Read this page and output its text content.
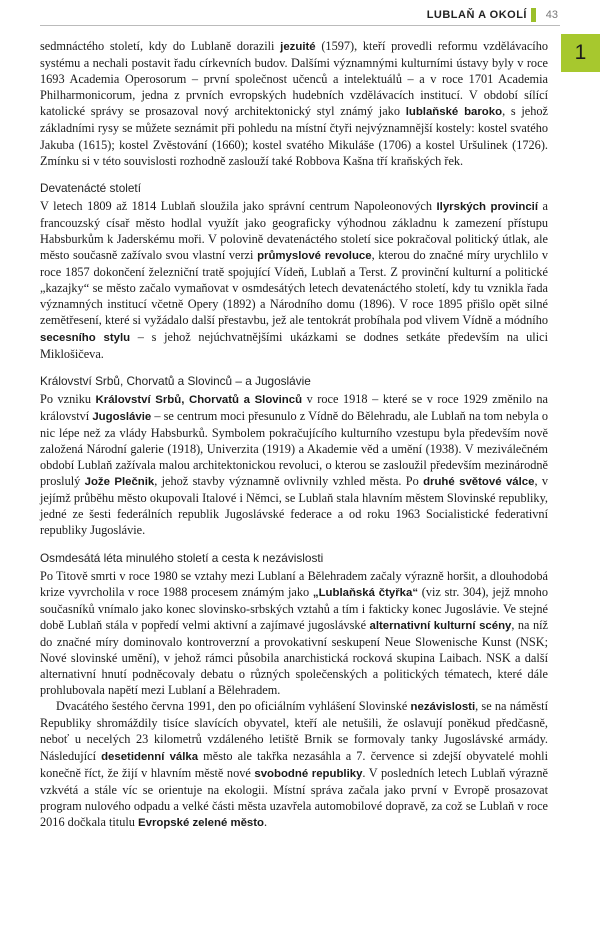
LUBLAŇ A OKOLÍ 43
1

sedmnáctého století, kdy do Lublaně dorazili jezuité (1597), kteří provedli reformu vzdělávacího systému a nechali postavit řadu církevních budov. Dalšími významnými kulturními ústavy byly v roce 1693 Academia Operosorum – první společnost učenců a intelektuálů – a v roce 1701 Academia Philharmonicorum, jedna z prvních evropských hudebních vzdělávacích institucí. V období sílící katolické správy se prosazoval nový architektonický styl známý jako lublaňské baroko, s jehož základními rysy se můžete seznámit při pohledu na místní čtyři nejvýznamnější kostely: kostel svatého Jakuba (1615); kostel Zvěstování (1660); kostel svatého Mikuláše (1706) a kostel Uršulinek (1726). Zmínku si v této souvislosti rozhodně zaslouží také Robbova Kašna tří kraňských řek.

Devatenácté století

V letech 1809 až 1814 Lublaň sloužila jako správní centrum Napoleonových Ilyrských provincií a francouzský císař město hodlal využít jako geograficky výhodnou základnu k zamezení přístupu Habsburkům k Jaderskému moři. V polovině devatenáctého století sice pokračoval politický útlak, ale město současně zažívalo svou vlastní verzi průmyslové revoluce, kterou do značné míry urychlilo v roce 1857 dokončení železniční tratě spojující Vídeň, Lublaň a Terst. Z provinční kulturní a politické „kazajky“ se město začalo vymaňovat v osmdesátých letech devatenáctého století, kdy tu vznikla řada významných institucí včetně Opery (1892) a Národního domu (1896). V roce 1895 přišlo opět silné zemětřesení, které si vyžádalo další přestavbu, jež ale tentokrát probíhala pod vlivem Vídně a módního secesního stylu – s jehož nejúchvatnějšími ukázkami se dodnes setkáte především na ulici Miklošičeva.

Království Srbů, Chorvatů a Slovinců – a Jugoslávie

Po vzniku Království Srbů, Chorvatů a Slovinců v roce 1918 – které se v roce 1929 změnilo na království Jugoslávie – se centrum moci přesunulo z Vídně do Bělehradu, ale Lublaň na tom nebyla o nic lépe než za vlády Habsburků. Symbolem pokračujícího kulturního vzestupu byla především nově založená Národní galerie (1918), Univerzita (1919) a Akademie věd a umění (1938). V meziválečném období Lublaň zažívala malou architektonickou revoluci, o kterou se zasloužil především mezinárodně proslulý Jože Plečnik, jehož stavby významně ovlivnily vzhled města. Po druhé světové válce, v jejímž průběhu město okupovali Italové i Němci, se Lublaň stala hlavním městem Slovinské republiky, jedné ze šesti federálních republik Jugoslávské federace a od roku 1963 Socialistické federativní republiky Jugoslávie.

Osmdesátá léta minulého století a cesta k nezávislosti

Po Titově smrti v roce 1980 se vztahy mezi Lublaní a Bělehradem začaly výrazně horšit, a dlouhodobá krize vyvrcholila v roce 1988 procesem známým jako „Lublaňská čtyřka“ (viz str. 304), jejž mnoho současníků vnímalo jako konec slovinsko-srbských vztahů a tím i fakticky konec Jugoslávie. Ve stejné době Lublaň stála v popředí velmi aktivní a zajímavé jugoslávské alternativní kulturní scény, na níž do značné míry dominovalo kontroverzní a provokativní seskupení Neue Slowenische Kunst (NSK; Nové slovinské umění), v jehož rámci působila anarchistická rocková skupina Laibach. NSK a další alternativní hnutí podněcovaly debatu o různých společenských a politických tématech, které dále prohlubovala napětí mezi Lublaní a Bělehradem.

Dvacátého šestého června 1991, den po oficiálním vyhlášení Slovinské nezávislosti, se na náměstí Republiky shromáždily tisíce slavících obyvatel, kteří ale netušili, že oslavují poněkud předčasně, neboť u necelých 23 kilometrů vzdáleného letiště Brnik se formovaly tanky Jugoslávské armády. Následující desetidenní válka město ale takřka nezasáhla a 7. července si zdejší obyvatelé mohli konečně říct, že žijí v hlavním městě nové svobodné republiky. V posledních letech Lublaň výrazně vzkvétá a stále víc se orientuje na ekologii. Místní správa začala jako první v Evropě prosazovat program nulového odpadu a velké části města uzavřela automobilové dopravě, za což se Lublaň v roce 2016 dočkala titulu Evropské zelené město.
